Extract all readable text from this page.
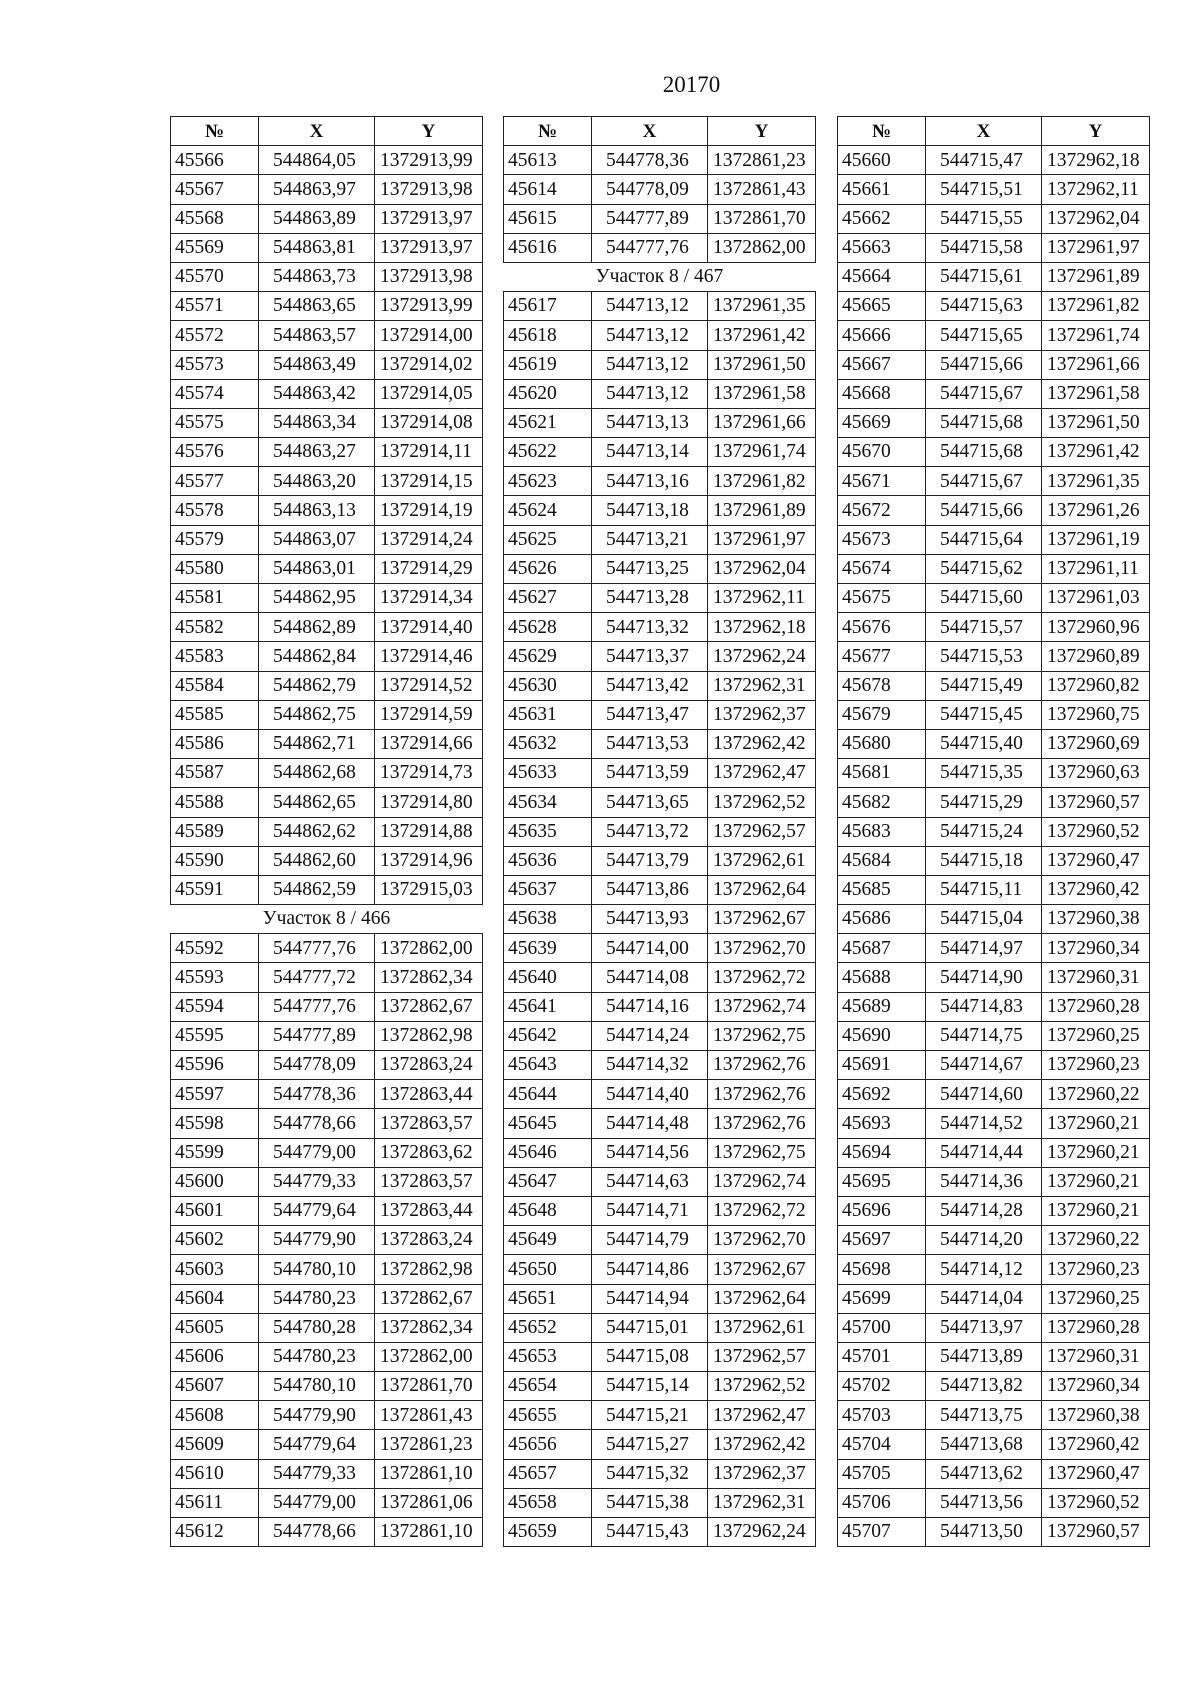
20170
№	X	Y
45566	544864,05	1372913,99
45567	544863,97	1372913,98
45568	544863,89	1372913,97
45569	544863,81	1372913,97
45570	544863,73	1372913,98
45571	544863,65	1372913,99
45572	544863,57	1372914,00
45573	544863,49	1372914,02
45574	544863,42	1372914,05
45575	544863,34	1372914,08
45576	544863,27	1372914,11
45577	544863,20	1372914,15
45578	544863,13	1372914,19
45579	544863,07	1372914,24
45580	544863,01	1372914,29
45581	544862,95	1372914,34
45582	544862,89	1372914,40
45583	544862,84	1372914,46
45584	544862,79	1372914,52
45585	544862,75	1372914,59
45586	544862,71	1372914,66
45587	544862,68	1372914,73
45588	544862,65	1372914,80
45589	544862,62	1372914,88
45590	544862,60	1372914,96
45591	544862,59	1372915,03
Участок 8 / 466		
45592	544777,76	1372862,00
45593	544777,72	1372862,34
45594	544777,76	1372862,67
45595	544777,89	1372862,98
45596	544778,09	1372863,24
45597	544778,36	1372863,44
45598	544778,66	1372863,57
45599	544779,00	1372863,62
45600	544779,33	1372863,57
45601	544779,64	1372863,44
45602	544779,90	1372863,24
45603	544780,10	1372862,98
45604	544780,23	1372862,67
45605	544780,28	1372862,34
45606	544780,23	1372862,00
45607	544780,10	1372861,70
45608	544779,90	1372861,43
45609	544779,64	1372861,23
45610	544779,33	1372861,10
45611	544779,00	1372861,06
45612	544778,66	1372861,10
№	X	Y
45613	544778,36	1372861,23
45614	544778,09	1372861,43
45615	544777,89	1372861,70
45616	544777,76	1372862,00
Участок 8 / 467		
45617	544713,12	1372961,35
45618	544713,12	1372961,42
45619	544713,12	1372961,50
45620	544713,12	1372961,58
45621	544713,13	1372961,66
45622	544713,14	1372961,74
45623	544713,16	1372961,82
45624	544713,18	1372961,89
45625	544713,21	1372961,97
45626	544713,25	1372962,04
45627	544713,28	1372962,11
45628	544713,32	1372962,18
45629	544713,37	1372962,24
45630	544713,42	1372962,31
45631	544713,47	1372962,37
45632	544713,53	1372962,42
45633	544713,59	1372962,47
45634	544713,65	1372962,52
45635	544713,72	1372962,57
45636	544713,79	1372962,61
45637	544713,86	1372962,64
45638	544713,93	1372962,67
45639	544714,00	1372962,70
45640	544714,08	1372962,72
45641	544714,16	1372962,74
45642	544714,24	1372962,75
45643	544714,32	1372962,76
45644	544714,40	1372962,76
45645	544714,48	1372962,76
45646	544714,56	1372962,75
45647	544714,63	1372962,74
45648	544714,71	1372962,72
45649	544714,79	1372962,70
45650	544714,86	1372962,67
45651	544714,94	1372962,64
45652	544715,01	1372962,61
45653	544715,08	1372962,57
45654	544715,14	1372962,52
45655	544715,21	1372962,47
45656	544715,27	1372962,42
45657	544715,32	1372962,37
45658	544715,38	1372962,31
45659	544715,43	1372962,24
№	X	Y
45660	544715,47	1372962,18
45661	544715,51	1372962,11
45662	544715,55	1372962,04
45663	544715,58	1372961,97
45664	544715,61	1372961,89
45665	544715,63	1372961,82
45666	544715,65	1372961,74
45667	544715,66	1372961,66
45668	544715,67	1372961,58
45669	544715,68	1372961,50
45670	544715,68	1372961,42
45671	544715,67	1372961,35
45672	544715,66	1372961,26
45673	544715,64	1372961,19
45674	544715,62	1372961,11
45675	544715,60	1372961,03
45676	544715,57	1372960,96
45677	544715,53	1372960,89
45678	544715,49	1372960,82
45679	544715,45	1372960,75
45680	544715,40	1372960,69
45681	544715,35	1372960,63
45682	544715,29	1372960,57
45683	544715,24	1372960,52
45684	544715,18	1372960,47
45685	544715,11	1372960,42
45686	544715,04	1372960,38
45687	544714,97	1372960,34
45688	544714,90	1372960,31
45689	544714,83	1372960,28
45690	544714,75	1372960,25
45691	544714,67	1372960,23
45692	544714,60	1372960,22
45693	544714,52	1372960,21
45694	544714,44	1372960,21
45695	544714,36	1372960,21
45696	544714,28	1372960,21
45697	544714,20	1372960,22
45698	544714,12	1372960,23
45699	544714,04	1372960,25
45700	544713,97	1372960,28
45701	544713,89	1372960,31
45702	544713,82	1372960,34
45703	544713,75	1372960,38
45704	544713,68	1372960,42
45705	544713,62	1372960,47
45706	544713,56	1372960,52
45707	544713,50	1372960,57
